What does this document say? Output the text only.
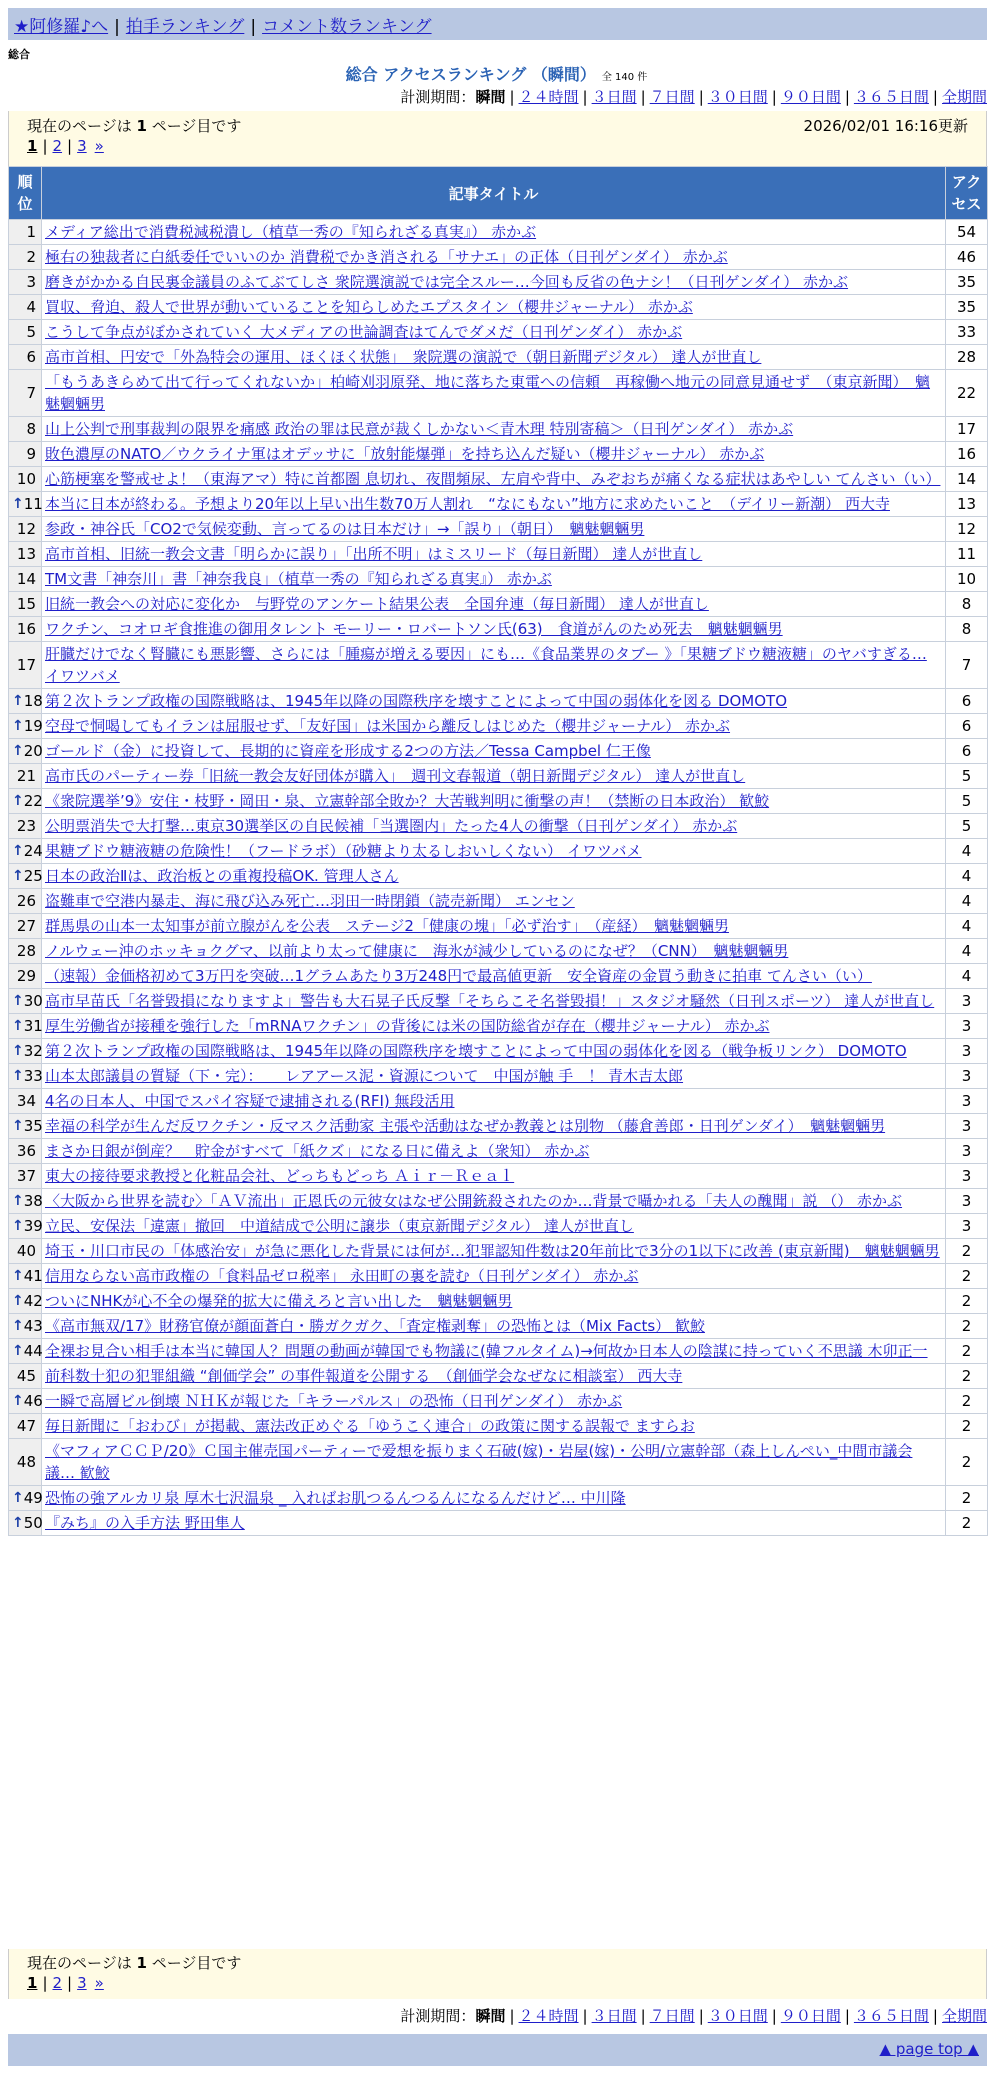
★阿修羅♪へ | 拍手ランキング | コメント数ランキング
総合
総合 アクセスランキング （瞬間） 全 140 件
計測期間：瞬間 | ２４時間 | ３日間 | ７日間 | ３０日間 | ９０日間 | ３６５日間 | 全期間
現在のページは 1 ページ目です	2026/02/01 16:16更新
1 | 2 | 3 »
順位	記事タイトル	アクセス
1	メディア総出で消費税減税潰し（植草一秀の『知られざる真実』） 赤かぶ	54
2	極右の独裁者に白紙委任でいいのか 消費税でかき消される「サナエ」の正体（日刊ゲンダイ） 赤かぶ	46
3	磨きがかかる自民裏金議員のふてぶてしさ 衆院選演説では完全スルー…今回も反省の色ナシ！（日刊ゲンダイ） 赤かぶ	35
4	買収、脅迫、殺人で世界が動いていることを知らしめたエプスタイン（櫻井ジャーナル） 赤かぶ	35
5	こうして争点がぼかされていく 大メディアの世論調査はてんでダメだ（日刊ゲンダイ） 赤かぶ	33
6	高市首相、円安で「外為特会の運用、ほくほく状態」　衆院選の演説で（朝日新聞デジタル） 達人が世直し	28
7	「もうあきらめて出て行ってくれないか」柏崎刈羽原発、地に落ちた東電への信頼　再稼働へ地元の同意見通せず　（東京新聞）　魑魅魍魎男	22
8	山上公判で刑事裁判の限界を痛感 政治の罪は民意が裁くしかない＜青木理 特別寄稿＞（日刊ゲンダイ） 赤かぶ	17
9	敗色濃厚のNATO／ウクライナ軍はオデッサに「放射能爆弾」を持ち込んだ疑い（櫻井ジャーナル） 赤かぶ	16
10	心筋梗塞を警戒せよ！（東海アマ）特に首都圏 息切れ、夜間頻尿、左肩や背中、みぞおちが痛くなる症状はあやしい てんさい（い）	14

↑ 11	本当に日本が終わる。予想より20年以上早い出生数70万人割れ　“なにもない”地方に求めたいこと　（デイリー新潮） 西大寺	13
12	参政・神谷氏「CO2で気候変動、言ってるのは日本だけ」→「誤り」（朝日）　魑魅魍魎男	12
13	高市首相、旧統一教会文書「明らかに誤り」「出所不明」はミスリード（毎日新聞） 達人が世直し	11
14	TM文書「神奈川」書「神奈我良」（植草一秀の『知られざる真実』） 赤かぶ	10
15	旧統一教会への対応に変化か　与野党のアンケート結果公表　全国弁連（毎日新聞） 達人が世直し	8
16	ワクチン、コオロギ食推進の御用タレント モーリー・ロバートソン氏(63)　食道がんのため死去　魑魅魍魎男	8
17	肝臓だけでなく腎臓にも悪影響、さらには「腫瘍が増える要因」にも…《食品業界のタブー 》「果糖ブドウ糖液糖」のヤバすぎる… イワツバメ	7

↑ 18	第２次トランプ政権の国際戦略は、1945年以降の国際秩序を壊すことによって中国の弱体化を図る DOMOTO	6

↑ 19	空母で恫喝してもイランは屈服せず、「友好国」は米国から離反しはじめた（櫻井ジャーナル） 赤かぶ	6

↑ 20	ゴールド（金）に投資して、長期的に資産を形成する2つの方法／Tessa Campbel 仁王像	6
21	高市氏のパーティー券「旧統一教会友好団体が購入」　週刊文春報道（朝日新聞デジタル） 達人が世直し	5

↑ 22	《衆院選挙’9》安住・枝野・岡田・泉、立憲幹部全敗か？大苦戦判明に衝撃の声！（禁断の日本政治） 歓鮫	5
23	公明票消失で大打撃…東京30選挙区の自民候補「当選圏内」たった4人の衝撃（日刊ゲンダイ） 赤かぶ	5

↑ 24	果糖ブドウ糖液糖の危険性！（フードラボ）（砂糖より太るしおいしくない） イワツバメ	4

↑ 25	日本の政治Ⅱは、政治板との重複投稿OK. 管理人さん	4
26	盗難車で空港内暴走、海に飛び込み死亡…羽田一時閉鎖（読売新聞） エンセン	4
27	群馬県の山本一太知事が前立腺がんを公表　ステージ2「健康の塊」「必ず治す」　（産経）　魑魅魍魎男	4
28	ノルウェー沖のホッキョクグマ、以前より太って健康に　海氷が減少しているのになぜ？（CNN）　魑魅魍魎男	4
29	（速報）金価格初めて3万円を突破…1グラムあたり3万248円で最高値更新　安全資産の金買う動きに拍車 てんさい（い）	4

↑ 30	高市早苗氏「名誉毀損になりますよ」警告も大石晃子氏反撃「そちらこそ名誉毀損！」スタジオ騒然（日刊スポーツ） 達人が世直し	3

↑ 31	厚生労働省が接種を強行した「mRNAワクチン」の背後には米の国防総省が存在（櫻井ジャーナル） 赤かぶ	3

↑ 32	第２次トランプ政権の国際戦略は、1945年以降の国際秩序を壊すことによって中国の弱体化を図る（戦争板リンク） DOMOTO	3

↑ 33	山本太郎議員の質疑（下・完）：　　レアアース泥・資源について　中国が触 手　！ 青木吉太郎	3
34	4名の日本人、中国でスパイ容疑で逮捕される(RFI) 無段活用	3

↑ 35	幸福の科学が生んだ反ワクチン・反マスク活動家 主張や活動はなぜか教義とは別物 （藤倉善郎・日刊ゲンダイ）　魑魅魍魎男	3
36	まさか日銀が倒産？　貯金がすべて「紙クズ」になる日に備えよ（衆知） 赤かぶ	3
37	東大の接待要求教授と化粧品会社、どっちもどっち Ａｉｒ－Ｒｅａｌ	3

↑ 38	〈大阪から世界を読む〉「ＡＶ流出」正恩氏の元彼女はなぜ公開銃殺されたのか…背景で囁かれる「夫人の醜聞」説 （） 赤かぶ	3

↑ 39	立民、安保法「違憲」撤回　中道結成で公明に譲歩（東京新聞デジタル） 達人が世直し	3
40	埼玉・川口市民の「体感治安」が急に悪化した背景には何が…犯罪認知件数は20年前比で3分の1以下に改善 (東京新聞)　魑魅魍魎男	2

↑ 41	信用ならない高市政権の「食料品ゼロ税率」 永田町の裏を読む（日刊ゲンダイ） 赤かぶ	2

↑ 42	ついにNHKが心不全の爆発的拡大に備えろと言い出した　魑魅魍魎男	2

↑ 43	《高市無双/17》財務官僚が顔面蒼白・勝ガクガク、「査定権剥奪」の恐怖とは（Mix Facts） 歓鮫	2

↑ 44	全裸お見合い相手は本当に韓国人？問題の動画が韓国でも物議に(韓フルタイム)→何故か日本人の陰謀に持っていく不思議 木卯正一	2
45	前科数十犯の犯罪組織 “創価学会” の事件報道を公開する　（創価学会なぜなに相談室） 西大寺	2

↑ 46	一瞬で高層ビル倒壊 ＮＨＫが報じた「キラーパルス」の恐怖（日刊ゲンダイ） 赤かぶ	2
47	毎日新聞に「おわび」が掲載、憲法改正めぐる「ゆうこく連合」の政策に関する誤報で ますらお	2
48	《マフィアＣＣＰ/20》Ｃ国主催売国パーティーで爱想を振りまく石破(嫁)・岩屋(嫁)・公明/立憲幹部（森上しんぺい_中間市議会議… 歓鮫	2

↑ 49	恐怖の強アルカリ泉 厚木七沢温泉 _ 入ればお肌つるんつるんになるんだけど… 中川隆	2

↑ 50	『みち』の入手方法 野田隼人	2
現在のページは 1 ページ目です
1 | 2 | 3 »
計測期間：瞬間 | ２４時間 | ３日間 | ７日間 | ３０日間 | ９０日間 | ３６５日間 | 全期間
▲ page top ▲
